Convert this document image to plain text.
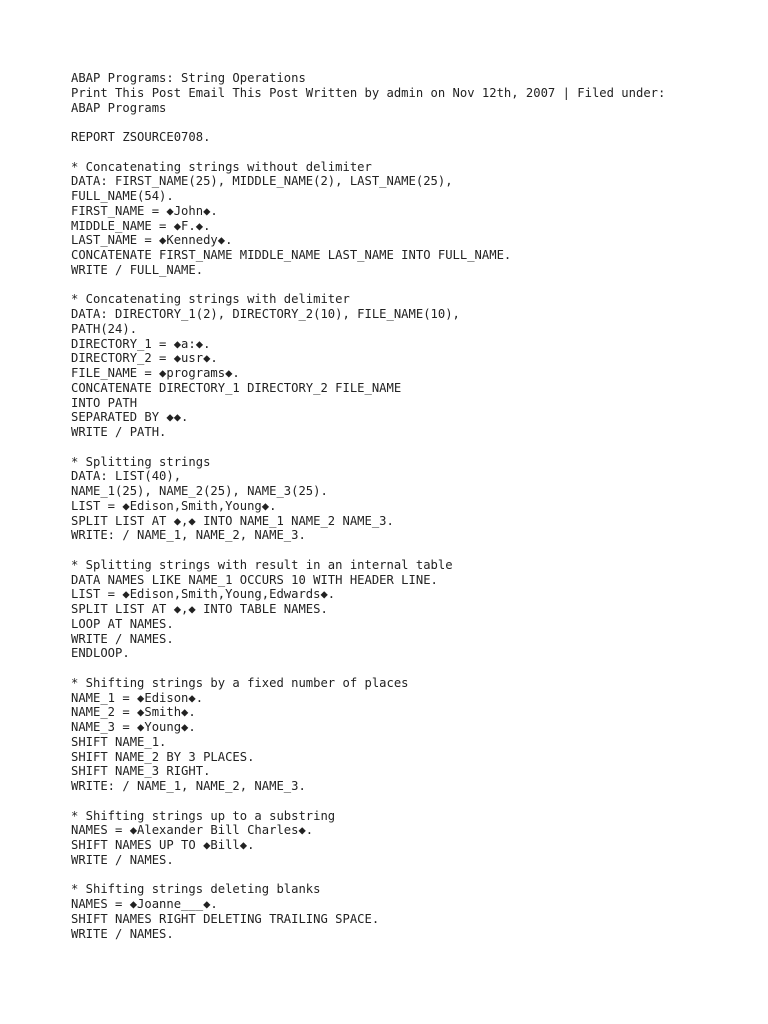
ABAP Programs: String Operations
Print This Post Email This Post Written by admin on Nov 12th, 2007 | Filed under:
ABAP Programs
REPORT ZSOURCE0708.
* Concatenating strings without delimiter
DATA: FIRST_NAME(25), MIDDLE_NAME(2), LAST_NAME(25),
FULL_NAME(54).
FIRST_NAME = ◆John◆.
MIDDLE_NAME = ◆F.◆.
LAST_NAME = ◆Kennedy◆.
CONCATENATE FIRST_NAME MIDDLE_NAME LAST_NAME INTO FULL_NAME.
WRITE / FULL_NAME.
* Concatenating strings with delimiter
DATA: DIRECTORY_1(2), DIRECTORY_2(10), FILE_NAME(10),
PATH(24).
DIRECTORY_1 = ◆a:◆.
DIRECTORY_2 = ◆usr◆.
FILE_NAME = ◆programs◆.
CONCATENATE DIRECTORY_1 DIRECTORY_2 FILE_NAME
INTO PATH
SEPARATED BY ◆◆.
WRITE / PATH.
* Splitting strings
DATA: LIST(40),
NAME_1(25), NAME_2(25), NAME_3(25).
LIST = ◆Edison,Smith,Young◆.
SPLIT LIST AT ◆,◆ INTO NAME_1 NAME_2 NAME_3.
WRITE: / NAME_1, NAME_2, NAME_3.
* Splitting strings with result in an internal table
DATA NAMES LIKE NAME_1 OCCURS 10 WITH HEADER LINE.
LIST = ◆Edison,Smith,Young,Edwards◆.
SPLIT LIST AT ◆,◆ INTO TABLE NAMES.
LOOP AT NAMES.
WRITE / NAMES.
ENDLOOP.
* Shifting strings by a fixed number of places
NAME_1 = ◆Edison◆.
NAME_2 = ◆Smith◆.
NAME_3 = ◆Young◆.
SHIFT NAME_1.
SHIFT NAME_2 BY 3 PLACES.
SHIFT NAME_3 RIGHT.
WRITE: / NAME_1, NAME_2, NAME_3.
* Shifting strings up to a substring
NAMES = ◆Alexander Bill Charles◆.
SHIFT NAMES UP TO ◆Bill◆.
WRITE / NAMES.
* Shifting strings deleting blanks
NAMES = ◆Joanne___◆.
SHIFT NAMES RIGHT DELETING TRAILING SPACE.
WRITE / NAMES.
